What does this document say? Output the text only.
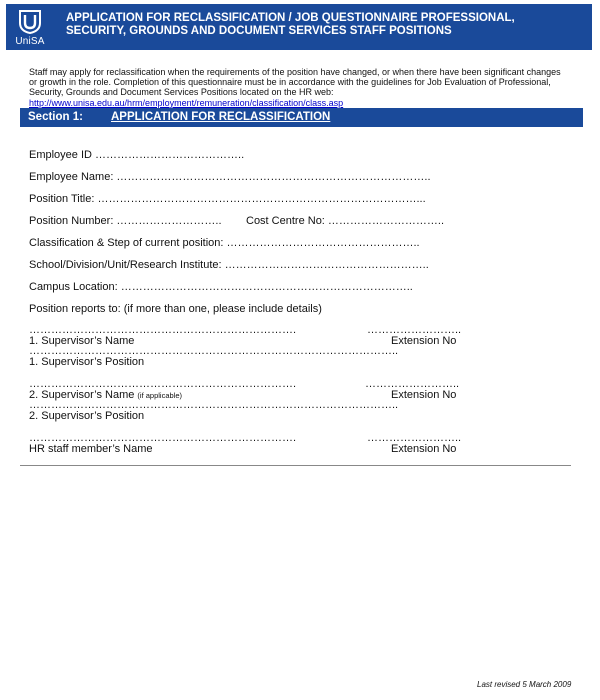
UniSA
APPLICATION FOR RECLASSIFICATION / JOB QUESTIONNAIRE PROFESSIONAL,
SECURITY, GROUNDS AND DOCUMENT SERVICES STAFF POSITIONS
Staff may apply for reclassification when the requirements of the position have changed, or when there have been significant changes
or growth in the role. Completion of this questionnaire must be in accordance with the guidelines for Job Evaluation of Professional,
Security, Grounds and Document Services Positions located on the HR web:
http://www.unisa.edu.au/hrm/employment/remuneration/classification/class.asp
Section 1: APPLICATION FOR RECLASSIFICATION
Employee ID …………………………………..
Employee Name: …………………………………………………………………………..
Position Title: ……………………………………………………………………………...
Position Number: ……………………….. Cost Centre No: …………………………..
Classification & Step of current position: ……………………………………………..
School/Division/Unit/Research Institute: ………………………………………………..
Campus Location: ……………………………………………………………………..
Position reports to: (if more than one, please include details)
……………………………………………………………….	……………………..
1. Supervisor’s Name	Extension No
………………………………………………………………………………………..
1. Supervisor’s Position
……………………………………………………………….	……………………..
2. Supervisor’s Name (if applicable)	Extension No
………………………………………………………………………………………..
2. Supervisor’s Position
……………………………………………………………….	……………………..
HR staff member’s Name	Extension No
Last revised 5 March 2009
